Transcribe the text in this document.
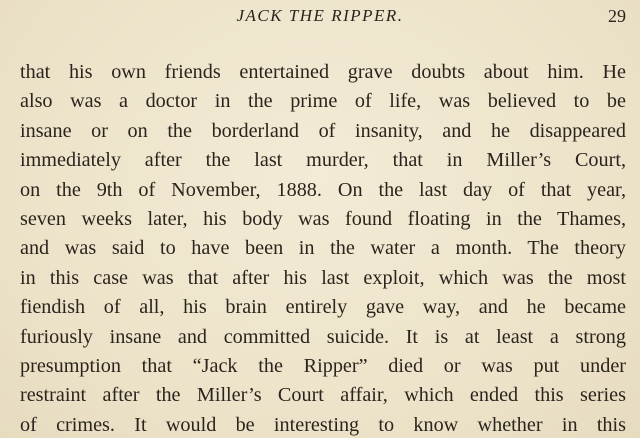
JACK THE RIPPER.	29
that his own friends entertained grave doubts about him. He
also was a doctor in the prime of life, was believed to be
insane or on the borderland of insanity, and he disappeared
immediately after the last murder, that in Miller’s Court,
on the 9th of November, 1888. On the last day of that year,
seven weeks later, his body was found floating in the Thames,
and was said to have been in the water a month. The theory
in this case was that after his last exploit, which was the most
fiendish of all, his brain entirely gave way, and he became
furiously insane and committed suicide. It is at least a strong
presumption that “Jack the Ripper” died or was put under
restraint after the Miller’s Court affair, which ended this series
of crimes. It would be interesting to know whether in this
